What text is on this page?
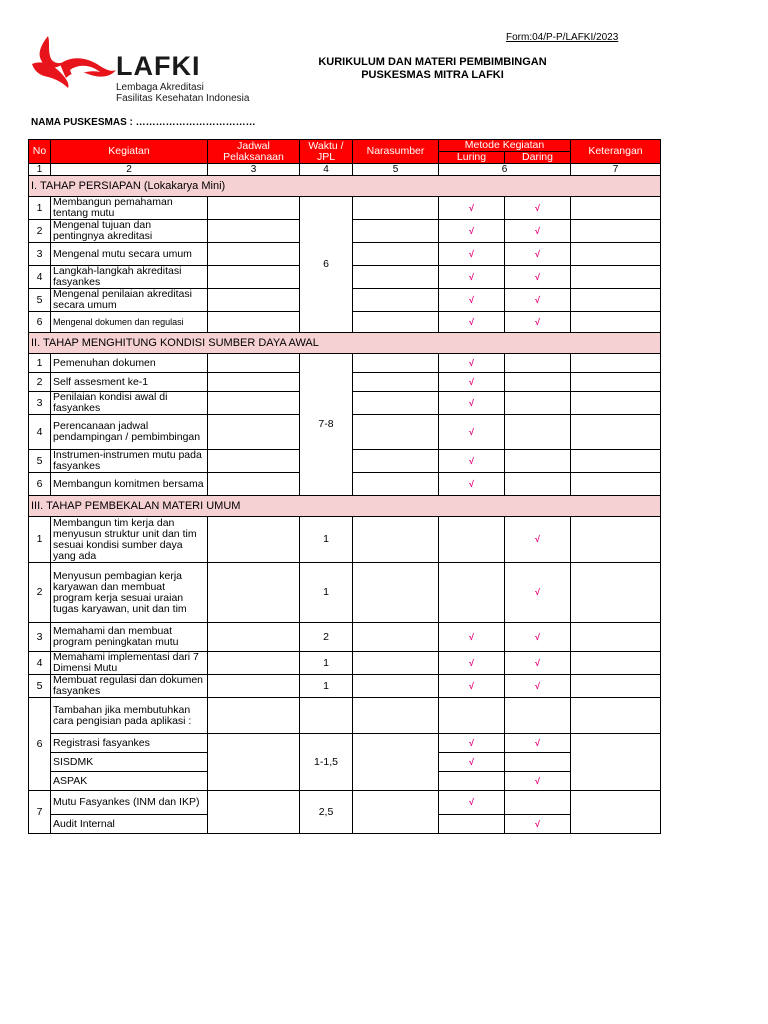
Form:04/P-P/LAFKI/2023
LAFKI
Lembaga Akreditasi
Fasilitas Kesehatan Indonesia
KURIKULUM DAN MATERI PEMBIMBINGAN
PUSKESMAS MITRA LAFKI
NAMA PUSKESMAS : ………………………………
No	Kegiatan	Jadwal Pelaksanaan	Waktu / JPL	Narasumber	Metode Kegiatan		Keterangan
					Luring	Daring	
1	2	3	4	5	6		7
I. TAHAP PERSIAPAN (Lokakarya Mini)							
1	Membangun pemahaman tentang mutu		6		√	√	
2	Mengenal tujuan dan pentingnya akreditasi				√	√	
3	Mengenal mutu secara umum				√	√	
4	Langkah-langkah akreditasi fasyankes				√	√	
5	Mengenal penilaian akreditasi secara umum				√	√	
6	Mengenal dokumen dan regulasi				√	√	
II. TAHAP MENGHITUNG KONDISI SUMBER DAYA AWAL							
1	Pemenuhan dokumen		7-8		√		
2	Self assesment ke-1				√		
3	Penilaian kondisi awal di fasyankes				√		
4	Perencanaan jadwal pendampingan / pembimbingan				√		
5	Instrumen-instrumen mutu pada fasyankes				√		
6	Membangun komitmen bersama				√		
III. TAHAP PEMBEKALAN MATERI UMUM							
1	Membangun tim kerja dan menyusun struktur unit dan tim sesuai kondisi sumber daya yang ada		1			√	
2	Menyusun pembagian kerja karyawan dan membuat program kerja sesuai uraian tugas karyawan, unit dan tim		1			√	
3	Memahami dan membuat program peningkatan mutu		2		√	√	
4	Memahami implementasi dari 7 Dimensi Mutu		1		√	√	
5	Membuat regulasi dan dokumen fasyankes		1		√	√	
6	Tambahan jika membutuhkan cara pengisian pada aplikasi :						
	Registrasi fasyankes		1-1,5		√	√	
	SISDMK				√		
	ASPAK					√	
7	Mutu Fasyankes (INM dan IKP)		2,5		√		
	Audit Internal					√	
